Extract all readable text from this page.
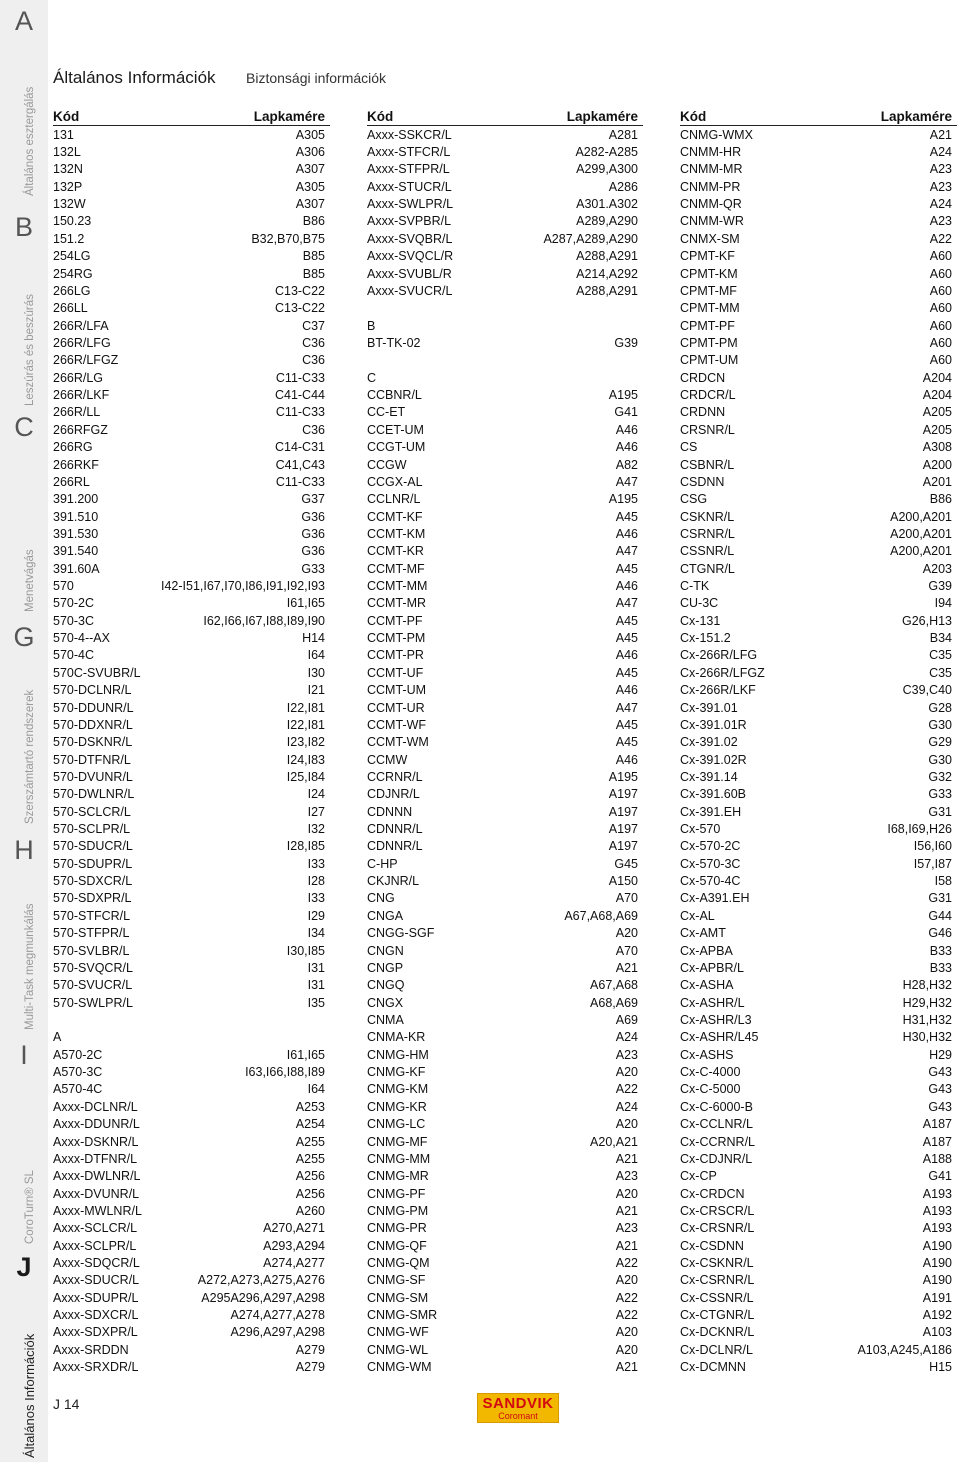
A
B
C
G
H
I
J
Általános esztergálás
Leszúrás és beszúrás
Menetvágás
Szerszámtartó rendszerek
Multi-Task megmunkálás
CoroTurn® SL
Általános Információk
Általános Információk Biztonsági információk
Kód	Lapkamére
131	A305
132L	A306
132N	A307
132P	A305
132W	A307
150.23	B86
151.2	B32,B70,B75
254LG	B85
254RG	B85
266LG	C13-C22
266LL	C13-C22
266R/LFA	C37
266R/LFG	C36
266R/LFGZ	C36
266R/LG	C11-C33
266R/LKF	C41-C44
266R/LL	C11-C33
266RFGZ	C36
266RG	C14-C31
266RKF	C41,C43
266RL	C11-C33
391.200	G37
391.510	G36
391.530	G36
391.540	G36
391.60A	G33
570	I42-I51,I67,I70,I86,I91,I92,I93
570-2C	I61,I65
570-3C	I62,I66,I67,I88,I89,I90
570-4--AX	H14
570-4C	I64
570C-SVUBR/L	I30
570-DCLNR/L	I21
570-DDUNR/L	I22,I81
570-DDXNR/L	I22,I81
570-DSKNR/L	I23,I82
570-DTFNR/L	I24,I83
570-DVUNR/L	I25,I84
570-DWLNR/L	I24
570-SCLCR/L	I27
570-SCLPR/L	I32
570-SDUCR/L	I28,I85
570-SDUPR/L	I33
570-SDXCR/L	I28
570-SDXPR/L	I33
570-STFCR/L	I29
570-STFPR/L	I34
570-SVLBR/L	I30,I85
570-SVQCR/L	I31
570-SVUCR/L	I31
570-SWLPR/L	I35
A
A570-2C	I61,I65
A570-3C	I63,I66,I88,I89
A570-4C	I64
Axxx-DCLNR/L	A253
Axxx-DDUNR/L	A254
Axxx-DSKNR/L	A255
Axxx-DTFNR/L	A255
Axxx-DWLNR/L	A256
Axxx-DVUNR/L	A256
Axxx-MWLNR/L	A260
Axxx-SCLCR/L	A270,A271
Axxx-SCLPR/L	A293,A294
Axxx-SDQCR/L	A274,A277
Axxx-SDUCR/L	A272,A273,A275,A276
Axxx-SDUPR/L	A295A296,A297,A298
Axxx-SDXCR/L	A274,A277,A278
Axxx-SDXPR/L	A296,A297,A298
Axxx-SRDDN	A279
Axxx-SRXDR/L	A279
Kód	Lapkamére
Axxx-SSKCR/L	A281
Axxx-STFCR/L	A282-A285
Axxx-STFPR/L	A299,A300
Axxx-STUCR/L	A286
Axxx-SWLPR/L	A301.A302
Axxx-SVPBR/L	A289,A290
Axxx-SVQBR/L	A287,A289,A290
Axxx-SVQCL/R	A288,A291
Axxx-SVUBL/R	A214,A292
Axxx-SVUCR/L	A288,A291
B
BT-TK-02	G39
C
CCBNR/L	A195
CC-ET	G41
CCET-UM	A46
CCGT-UM	A46
CCGW	A82
CCGX-AL	A47
CCLNR/L	A195
CCMT-KF	A45
CCMT-KM	A46
CCMT-KR	A47
CCMT-MF	A45
CCMT-MM	A46
CCMT-MR	A47
CCMT-PF	A45
CCMT-PM	A45
CCMT-PR	A46
CCMT-UF	A45
CCMT-UM	A46
CCMT-UR	A47
CCMT-WF	A45
CCMT-WM	A45
CCMW	A46
CCRNR/L	A195
CDJNR/L	A197
CDNNN	A197
CDNNR/L	A197
CDNNR/L	A197
C-HP	G45
CKJNR/L	A150
CNG	A70
CNGA	A67,A68,A69
CNGG-SGF	A20
CNGN	A70
CNGP	A21
CNGQ	A67,A68
CNGX	A68,A69
CNMA	A69
CNMA-KR	A24
CNMG-HM	A23
CNMG-KF	A20
CNMG-KM	A22
CNMG-KR	A24
CNMG-LC	A20
CNMG-MF	A20,A21
CNMG-MM	A21
CNMG-MR	A23
CNMG-PF	A20
CNMG-PM	A21
CNMG-PR	A23
CNMG-QF	A21
CNMG-QM	A22
CNMG-SF	A20
CNMG-SM	A22
CNMG-SMR	A22
CNMG-WF	A20
CNMG-WL	A20
CNMG-WM	A21
Kód	Lapkamére
CNMG-WMX	A21
CNMM-HR	A24
CNMM-MR	A23
CNMM-PR	A23
CNMM-QR	A24
CNMM-WR	A23
CNMX-SM	A22
CPMT-KF	A60
CPMT-KM	A60
CPMT-MF	A60
CPMT-MM	A60
CPMT-PF	A60
CPMT-PM	A60
CPMT-UM	A60
CRDCN	A204
CRDCR/L	A204
CRDNN	A205
CRSNR/L	A205
CS	A308
CSBNR/L	A200
CSDNN	A201
CSG	B86
CSKNR/L	A200,A201
CSRNR/L	A200,A201
CSSNR/L	A200,A201
CTGNR/L	A203
C-TK	G39
CU-3C	I94
Cx-131	G26,H13
Cx-151.2	B34
Cx-266R/LFG	C35
Cx-266R/LFGZ	C35
Cx-266R/LKF	C39,C40
Cx-391.01	G28
Cx-391.01R	G30
Cx-391.02	G29
Cx-391.02R	G30
Cx-391.14	G32
Cx-391.60B	G33
Cx-391.EH	G31
Cx-570	I68,I69,H26
Cx-570-2C	I56,I60
Cx-570-3C	I57,I87
Cx-570-4C	I58
Cx-A391.EH	G31
Cx-AL	G44
Cx-AMT	G46
Cx-APBA	B33
Cx-APBR/L	B33
Cx-ASHA	H28,H32
Cx-ASHR/L	H29,H32
Cx-ASHR/L3	H31,H32
Cx-ASHR/L45	H30,H32
Cx-ASHS	H29
Cx-C-4000	G43
Cx-C-5000	G43
Cx-C-6000-B	G43
Cx-CCLNR/L	A187
Cx-CCRNR/L	A187
Cx-CDJNR/L	A188
Cx-CP	G41
Cx-CRDCN	A193
Cx-CRSCR/L	A193
Cx-CRSNR/L	A193
Cx-CSDNN	A190
Cx-CSKNR/L	A190
Cx-CSRNR/L	A190
Cx-CSSNR/L	A191
Cx-CTGNR/L	A192
Cx-DCKNR/L	A103
Cx-DCLNR/L	A103,A245,A186
Cx-DCMNN	H15
J 14	SANDVIK
Coromant
